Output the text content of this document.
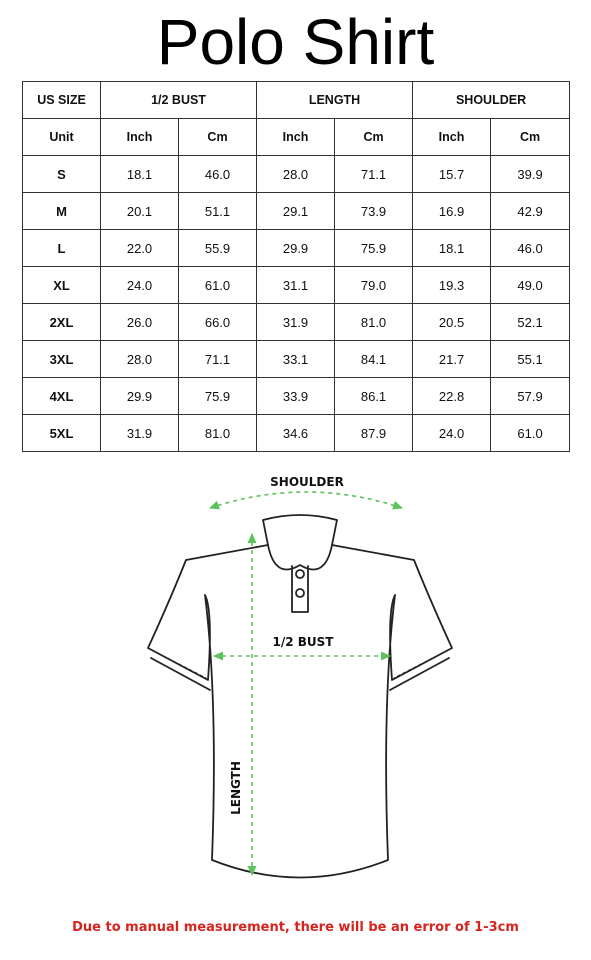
Polo Shirt
US SIZE	1/2 BUST		LENGTH		SHOULDER	
Unit	Inch	Cm	Inch	Cm	Inch	Cm
S	18.1	46.0	28.0	71.1	15.7	39.9
M	20.1	51.1	29.1	73.9	16.9	42.9
L	22.0	55.9	29.9	75.9	18.1	46.0
XL	24.0	61.0	31.1	79.0	19.3	49.0
2XL	26.0	66.0	31.9	81.0	20.5	52.1
3XL	28.0	71.1	33.1	84.1	21.7	55.1
4XL	29.9	75.9	33.9	86.1	22.8	57.9
5XL	31.9	81.0	34.6	87.9	24.0	61.0
SHOULDER
1/2 BUST
LENGTH
Due to manual measurement, there will be an error of 1-3cm
